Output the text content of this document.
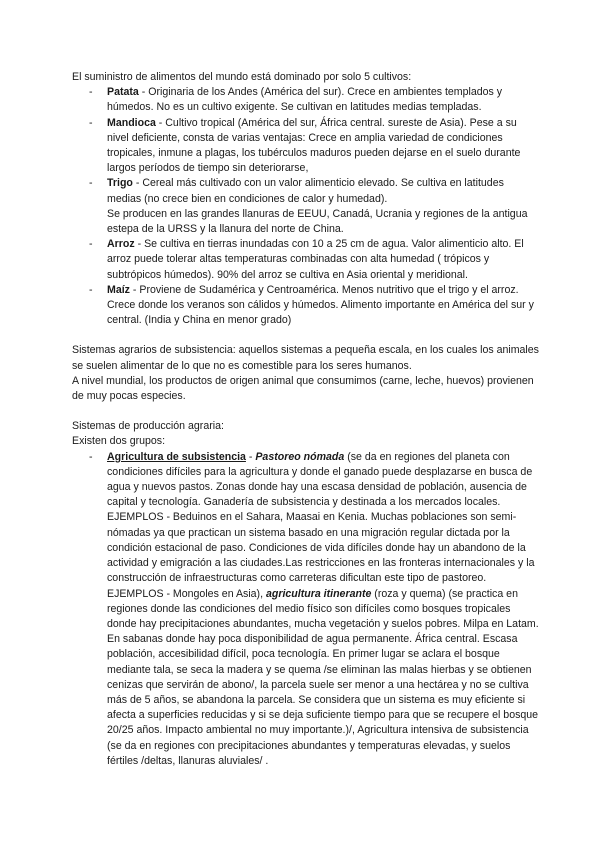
El suministro de alimentos del mundo está dominado por solo 5 cultivos:

- Patata - Originaria de los Andes (América del sur). Crece en ambientes templados y húmedos. No es un cultivo exigente. Se cultivan en latitudes medias templadas.
- Mandioca - Cultivo tropical (América del sur, África central. sureste de Asia). Pese a su nivel deficiente, consta de varias ventajas: Crece en amplia variedad de condiciones tropicales, inmune a plagas, los tubérculos maduros pueden dejarse en el suelo durante largos períodos de tiempo sin deteriorarse,
- Trigo - Cereal más cultivado con un valor alimenticio elevado. Se cultiva en latitudes medias (no crece bien en condiciones de calor y humedad).
Se producen en las grandes llanuras de EEUU, Canadá, Ucrania y regiones de la antigua estepa de la URSS y la llanura del norte de China.
- Arroz - Se cultiva en tierras inundadas con 10 a 25 cm de agua. Valor alimenticio alto. El arroz puede tolerar altas temperaturas combinadas con alta humedad ( trópicos y subtrópicos húmedos). 90% del arroz se cultiva en Asia oriental y meridional.
- Maíz - Proviene de Sudamérica y Centroamérica. Menos nutritivo que el trigo y el arroz. Crece donde los veranos son cálidos y húmedos. Alimento importante en América del sur y central. (India y China en menor grado)

Sistemas agrarios de subsistencia: aquellos sistemas a pequeña escala, en los cuales los animales se suelen alimentar de lo que no es comestible para los seres humanos.

A nivel mundial, los productos de origen animal que consumimos (carne, leche, huevos) provienen de muy pocas especies.

Sistemas de producción agraria:

Existen dos grupos:

- Agricultura de subsistencia - Pastoreo nómada (se da en regiones del planeta con condiciones difíciles para la agricultura y donde el ganado puede desplazarse en busca de agua y nuevos pastos. Zonas donde hay una escasa densidad de población, ausencia de capital y tecnología. Ganadería de subsistencia y destinada a los mercados locales. EJEMPLOS - Beduinos en el Sahara, Maasai en Kenia. Muchas poblaciones son semi-nómadas ya que practican un sistema basado en una migración regular dictada por la condición estacional de paso. Condiciones de vida difíciles donde hay un abandono de la actividad y emigración a las ciudades.Las restricciones en las fronteras internacionales y la construcción de infraestructuras como carreteras dificultan este tipo de pastoreo. EJEMPLOS - Mongoles en Asia), agricultura itinerante (roza y quema) (se practica en regiones donde las condiciones del medio físico son difíciles como bosques tropicales donde hay precipitaciones abundantes, mucha vegetación y suelos pobres. Milpa en Latam. En sabanas donde hay poca disponibilidad de agua permanente. África central. Escasa población, accesibilidad difícil, poca tecnología. En primer lugar se aclara el bosque mediante tala, se seca la madera y se quema /se eliminan las malas hierbas y se obtienen cenizas que servirán de abono/, la parcela suele ser menor a una hectárea y no se cultiva más de 5 años, se abandona la parcela. Se considera que un sistema es muy eficiente si afecta a superficies reducidas y si se deja suficiente tiempo para que se recupere el bosque 20/25 años. Impacto ambiental no muy importante.)/, Agricultura intensiva de subsistencia (se da en regiones con precipitaciones abundantes y temperaturas elevadas, y suelos fértiles /deltas, llanuras aluviales/ .
